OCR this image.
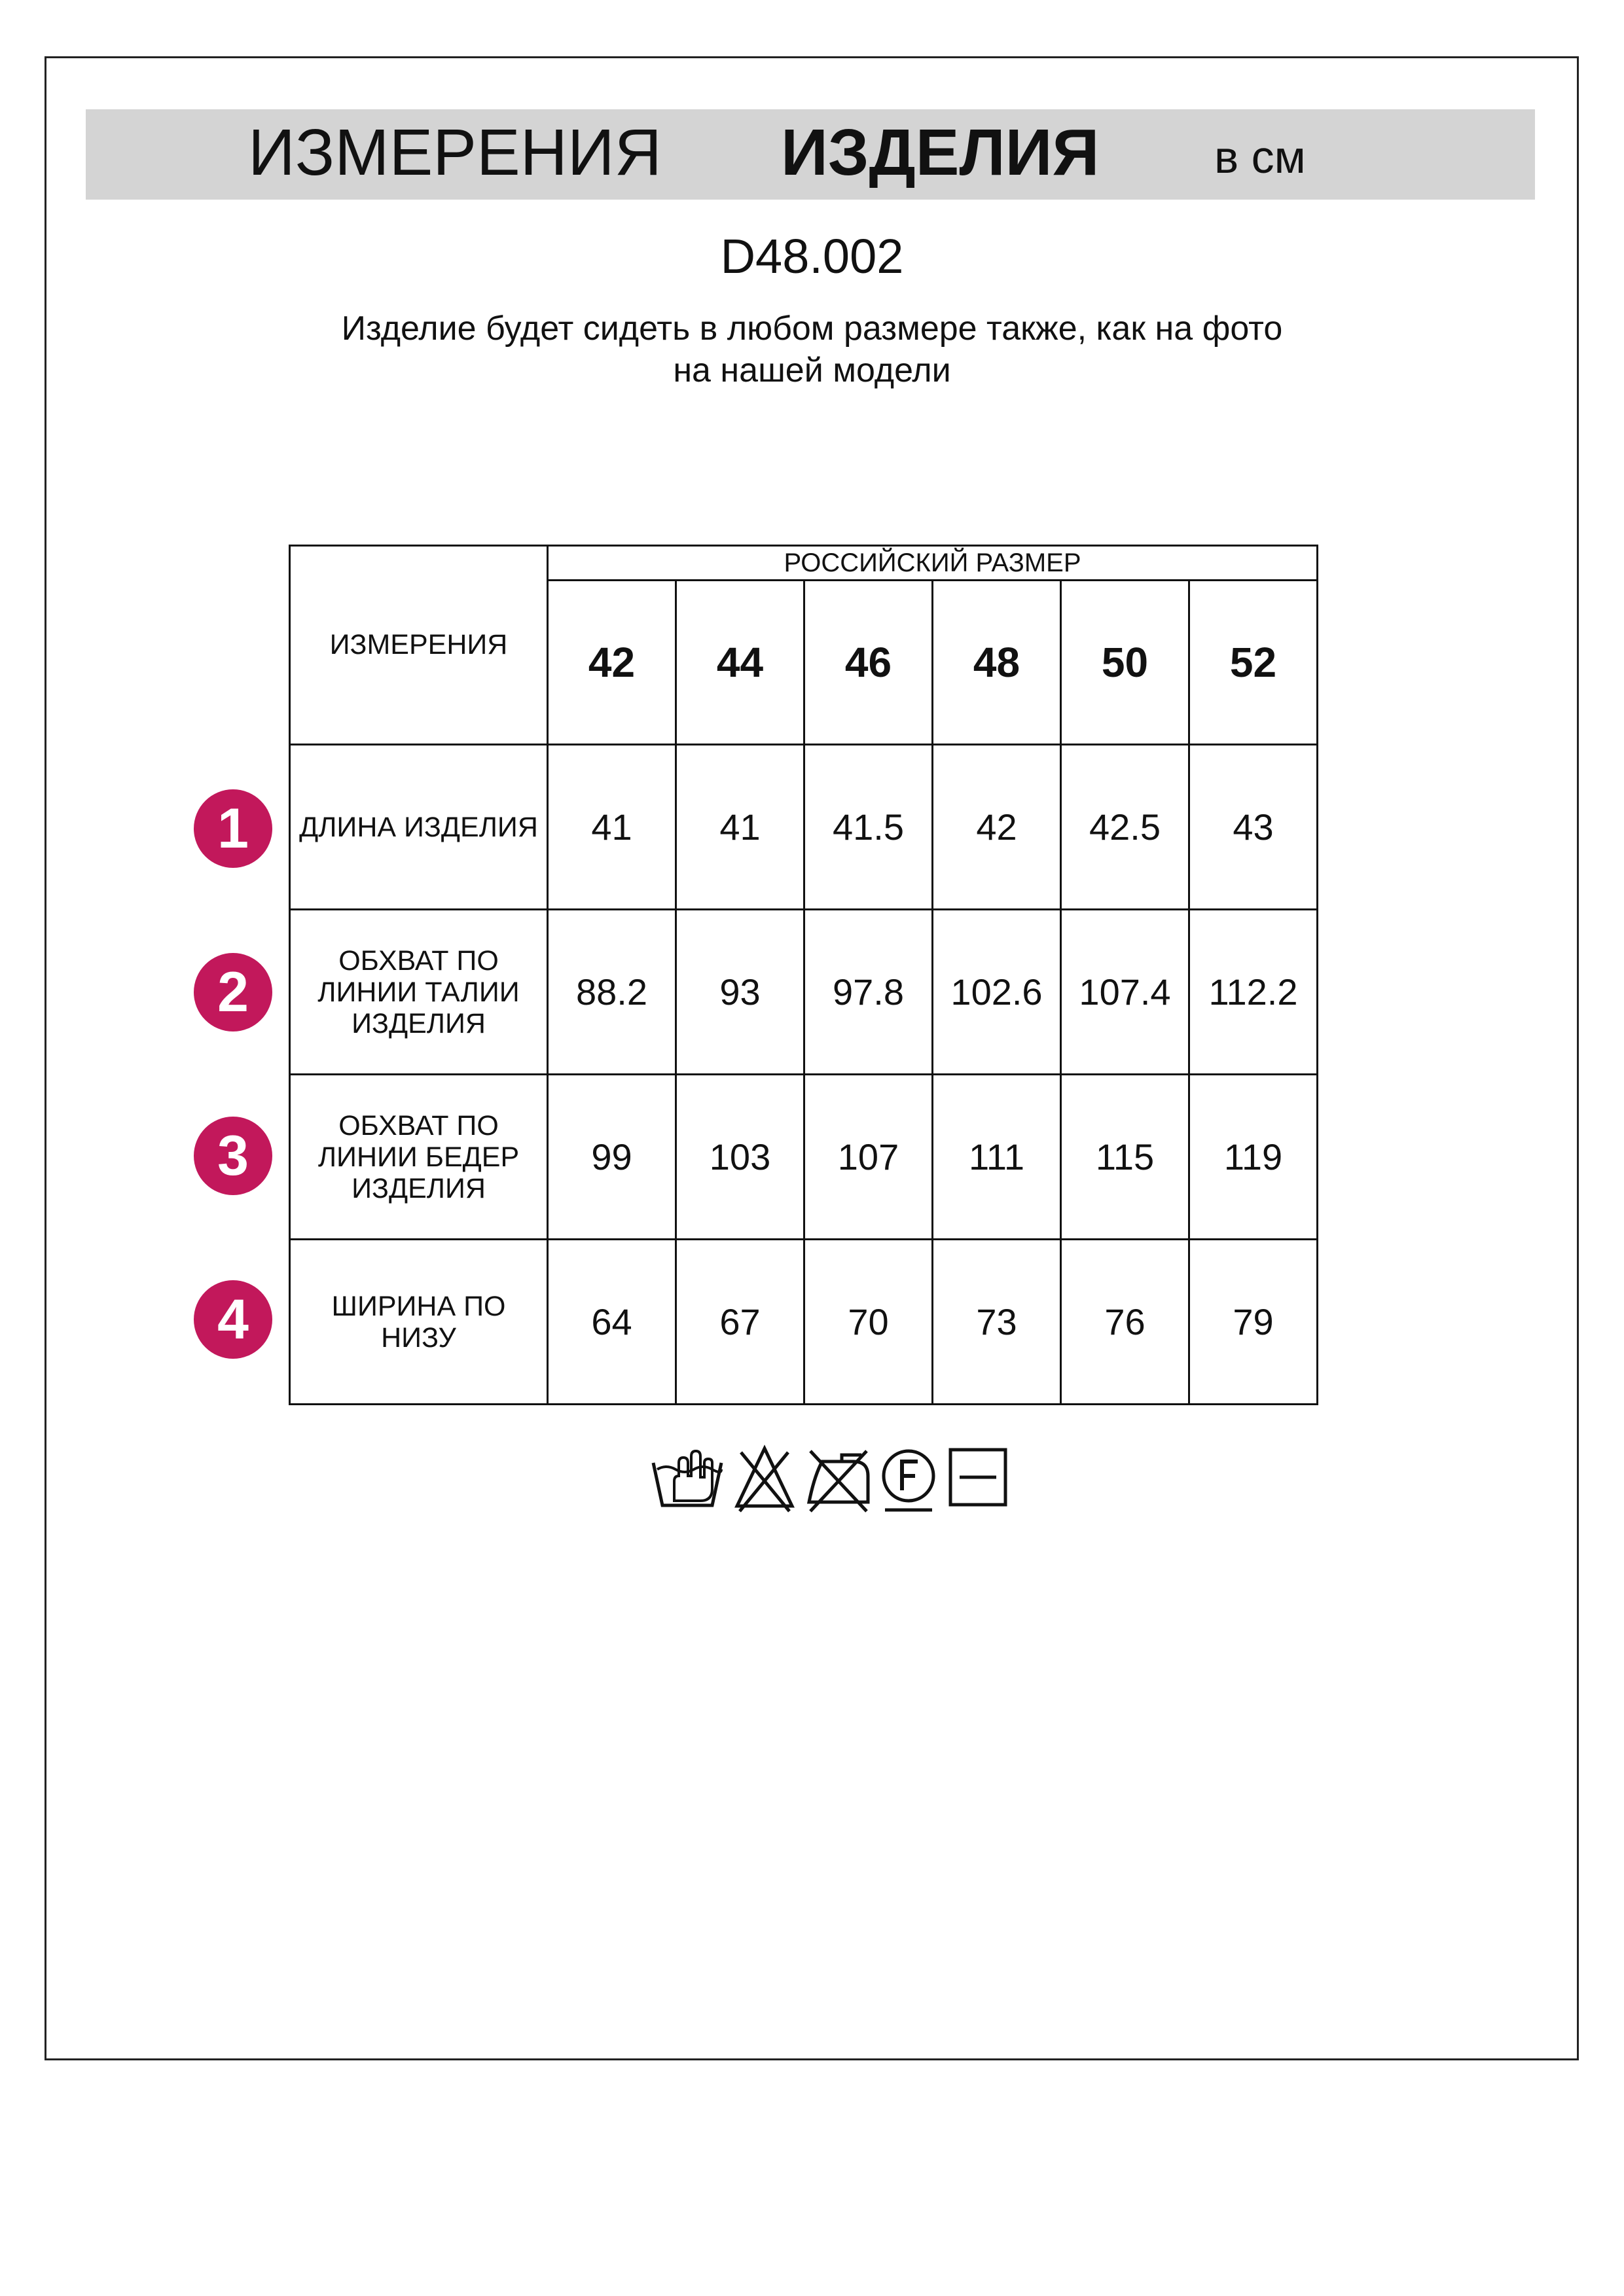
ИЗМЕРЕНИЯ ИЗДЕЛИЯ	в см
D48.002
Изделие будет сидеть в любом размере также, как на фото
на нашей модели
ИЗМЕРЕНИЯ	РОССИЙСКИЙ РАЗМЕР					
	42	44	46	48	50	52

ДЛИНА ИЗДЕЛИЯ	41	41	41.5	42	42.5	43

ОБХВАТ ПО
ЛИНИИ ТАЛИИ
ИЗДЕЛИЯ	88.2	93	97.8	102.6	107.4	112.2

ОБХВАТ ПО
ЛИНИИ БЕДЕР
ИЗДЕЛИЯ	99	103	107	111	115	119

ШИРИНА ПО
НИЗУ	64	67	70	73	76	79
1
2
3
4
